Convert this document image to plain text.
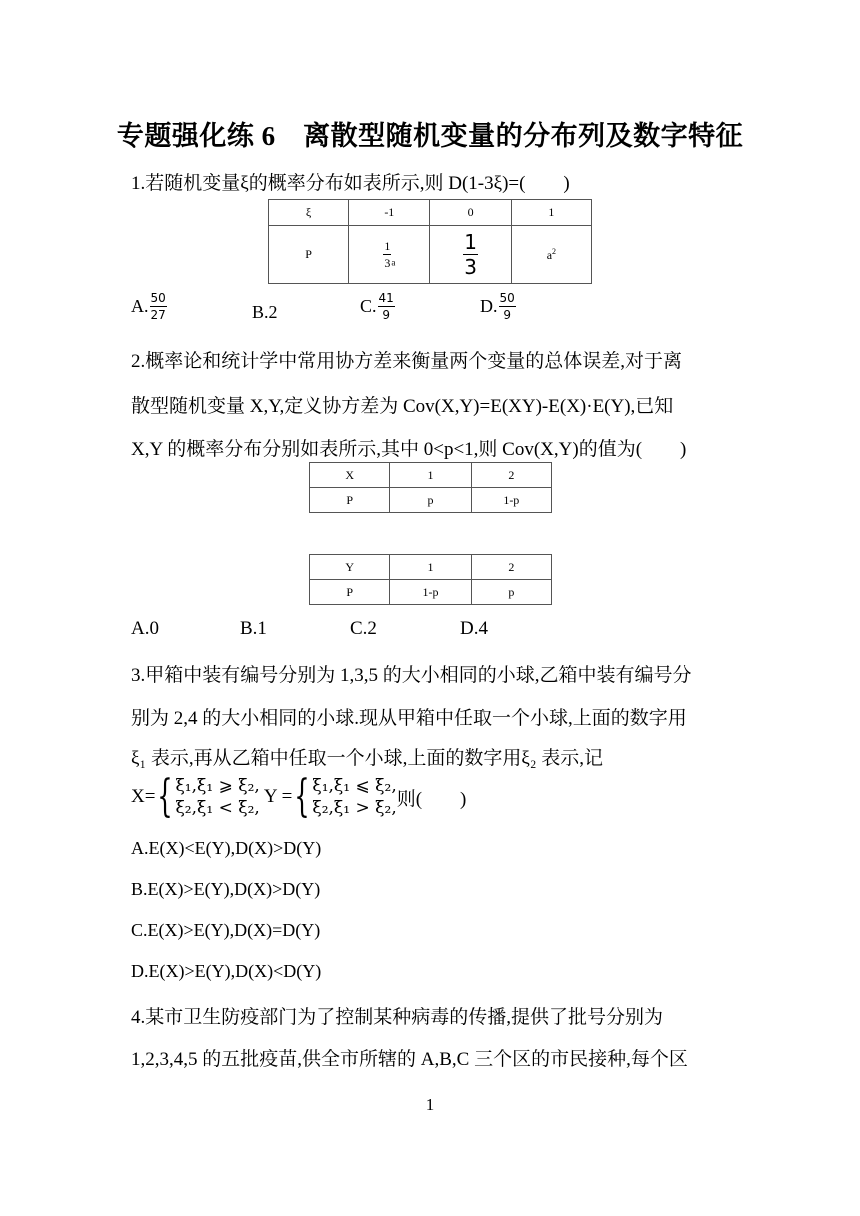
专题强化练 6　离散型随机变量的分布列及数字特征
1.若随机变量ξ的概率分布如表所示,则 D(1-3ξ)=(　　)
ξ	-1	0	1
P	$\frac{1}{3} _a$	$\frac{1}{3}$	$a^2$
A. $\frac{50}{27}$	B.2	C. $\frac{41}{9}$	D. $\frac{50}{9}$
2.概率论和统计学中常用协方差来衡量两个变量的总体误差,对于离
散型随机变量 X,Y,定义协方差为 Cov(X,Y)=E(XY)-E(X)·E(Y),已知
X,Y 的概率分布分别如表所示,其中 0<p<1,则 Cov(X,Y)的值为(　　)
X	1	2
P	p	1-p
Y	1	2
P	1-p	p
A.0	B.1	C.2	D.4
3.甲箱中装有编号分别为 1,3,5 的大小相同的小球,乙箱中装有编号分
别为 2,4 的大小相同的小球.现从甲箱中任取一个小球,上面的数字用
ξ₁ 表示,再从乙箱中任取一个小球,上面的数字用ξ₂ 表示,记
X= { ξ₁,ξ₁ ⩾ ξ₂,
ξ₂,ξ₁ < ξ₂,
Y = { ξ₁,ξ₁ ⩽ ξ₂,
ξ₂,ξ₁ > ξ₂, 则(　　)
A.E(X)<E(Y),D(X)>D(Y)
B.E(X)>E(Y),D(X)>D(Y)
C.E(X)>E(Y),D(X)=D(Y)
D.E(X)>E(Y),D(X)<D(Y)
4.某市卫生防疫部门为了控制某种病毒的传播,提供了批号分别为
1,2,3,4,5 的五批疫苗,供全市所辖的 A,B,C 三个区的市民接种,每个区
1
